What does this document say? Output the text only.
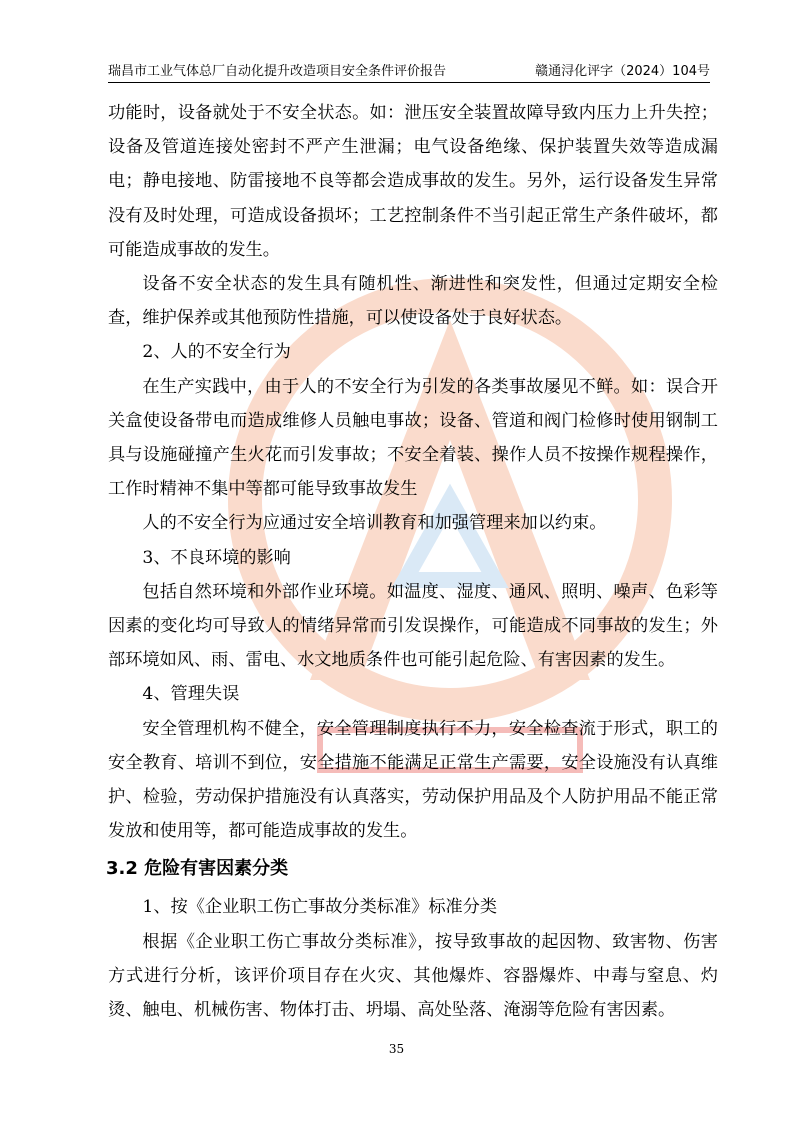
瑞昌市工业气体总厂自动化提升改造项目安全条件评价报告	赣通浔化评字（2024）104号

功能时，设备就处于不安全状态。如：泄压安全装置故障导致内压力上升失控；设备及管道连接处密封不严产生泄漏；电气设备绝缘、保护装置失效等造成漏电；静电接地、防雷接地不良等都会造成事故的发生。另外，运行设备发生异常没有及时处理，可造成设备损坏；工艺控制条件不当引起正常生产条件破坏，都可能造成事故的发生。

设备不安全状态的发生具有随机性、渐进性和突发性，但通过定期安全检查，维护保养或其他预防性措施，可以使设备处于良好状态。

2、人的不安全行为

在生产实践中，由于人的不安全行为引发的各类事故屡见不鲜。如：误合开关盒使设备带电而造成维修人员触电事故；设备、管道和阀门检修时使用钢制工具与设施碰撞产生火花而引发事故；不安全着装、操作人员不按操作规程操作，工作时精神不集中等都可能导致事故发生

人的不安全行为应通过安全培训教育和加强管理来加以约束。

3、不良环境的影响

包括自然环境和外部作业环境。如温度、湿度、通风、照明、噪声、色彩等因素的变化均可导致人的情绪异常而引发误操作，可能造成不同事故的发生；外部环境如风、雨、雷电、水文地质条件也可能引起危险、有害因素的发生。

4、管理失误

安全管理机构不健全，安全管理制度执行不力，安全检查流于形式，职工的安全教育、培训不到位，安全措施不能满足正常生产需要，安全设施没有认真维护、检验，劳动保护措施没有认真落实，劳动保护用品及个人防护用品不能正常发放和使用等，都可能造成事故的发生。

3.2 危险有害因素分类

1、按《企业职工伤亡事故分类标准》标准分类

根据《企业职工伤亡事故分类标准》，按导致事故的起因物、致害物、伤害方式进行分析，该评价项目存在火灾、其他爆炸、容器爆炸、中毒与窒息、灼烫、触电、机械伤害、物体打击、坍塌、高处坠落、淹溺等危险有害因素。

35
